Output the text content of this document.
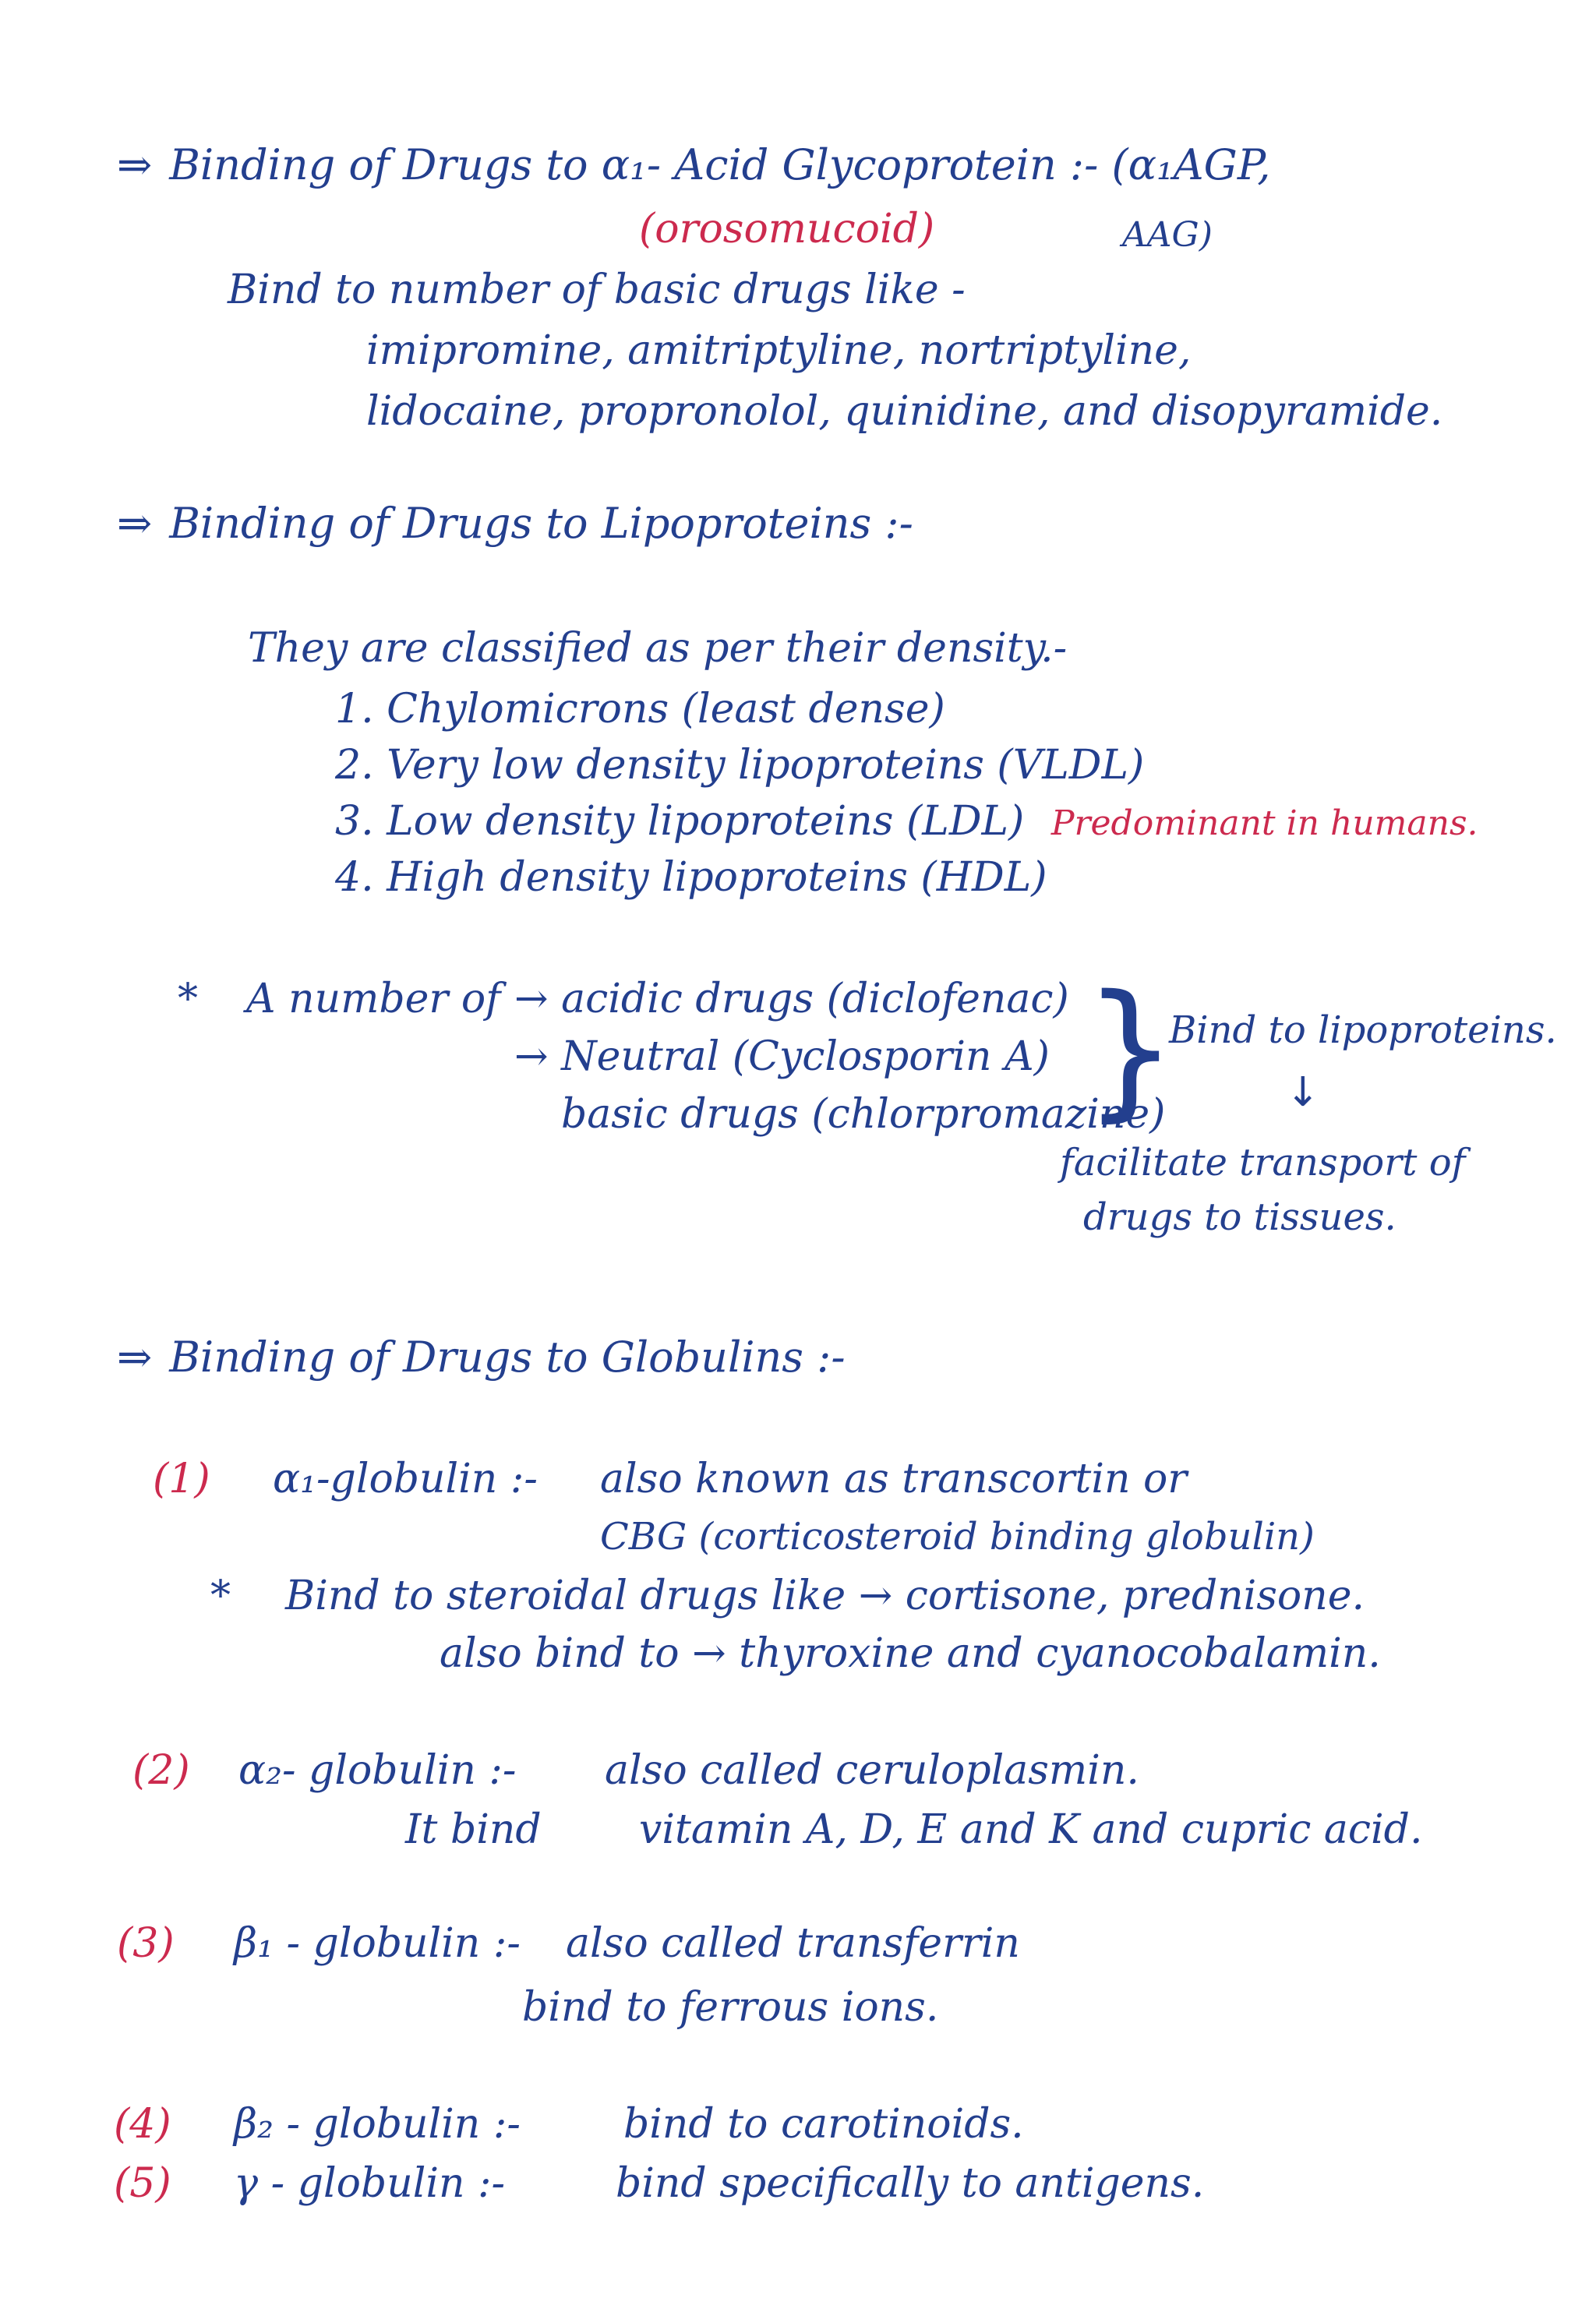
⇒ Binding of Drugs to α₁- Acid Glycoprotein :- (α₁AGP,
(orosomucoid)	AAG)
Bind to number of basic drugs like -
imipromine, amitriptyline, nortriptyline,
lidocaine, propronolol, quinidine, and disopyramide.
⇒ Binding of Drugs to Lipoproteins :-
They are classified as per their density.-
1. Chylomicrons (least dense)
2. Very low density lipoproteins (VLDL)
3. Low density lipoproteins (LDL) Predominant in humans.
4. High density lipoproteins (HDL)
* A number of → acidic drugs (diclofenac)
→ Neutral (Cyclosporin A)
basic drugs (chlorpromazine)
}
Bind to lipoproteins.
↓
facilitate transport of
drugs to tissues.
⇒ Binding of Drugs to Globulins :-
(1) α₁-globulin :- also known as transcortin or
CBG (corticosteroid binding globulin)
* Bind to steroidal drugs like → cortisone, prednisone.
also bind to → thyroxine and cyanocobalamin.
(2) α₂- globulin :- also called ceruloplasmin.
It bind vitamin A, D, E and K and cupric acid.
(3) β₁ - globulin :- also called transferrin
bind to ferrous ions.
(4) β₂ - globulin :-	bind to carotinoids.
(5) γ - globulin :-	bind specifically to antigens.
